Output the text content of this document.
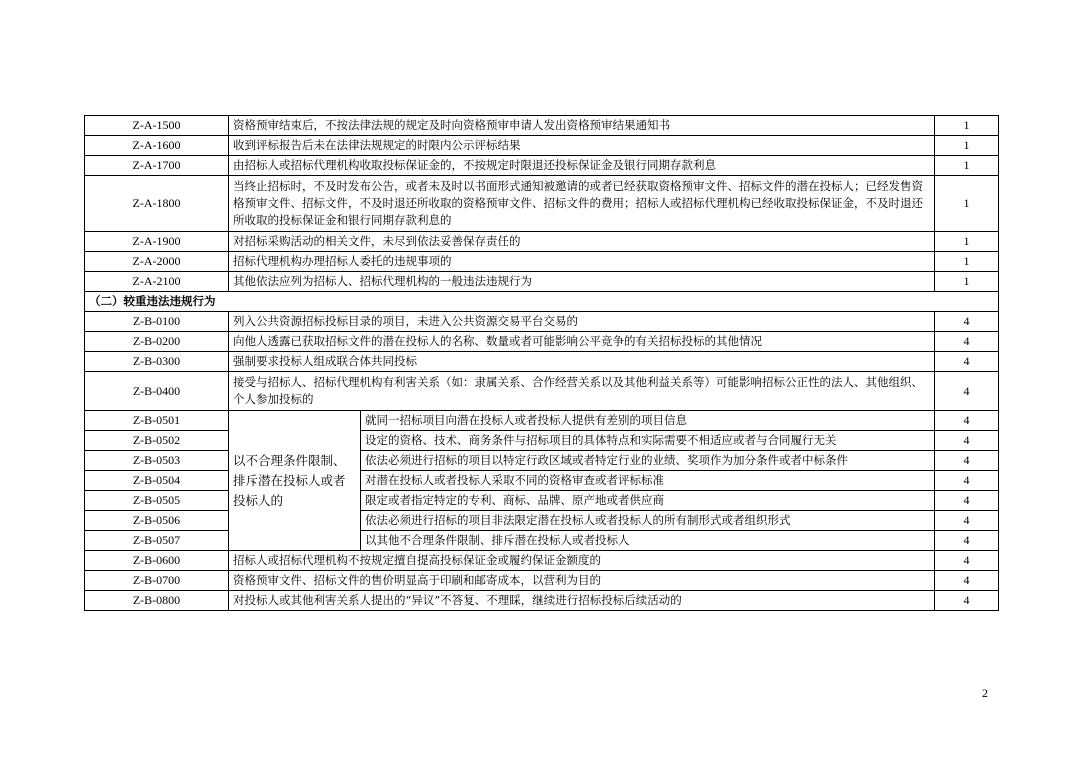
Z-A-1500	资格预审结束后，不按法律法规的规定及时向资格预审申请人发出资格预审结果通知书		1
Z-A-1600	收到评标报告后未在法律法规规定的时限内公示评标结果		1
Z-A-1700	由招标人或招标代理机构收取投标保证金的，不按规定时限退还投标保证金及银行同期存款利息		1
Z-A-1800	当终止招标时，不及时发布公告，或者未及时以书面形式通知被邀请的或者已经获取资格预审文件、招标文件的潜在投标人；已经发售资格预审文件、招标文件，不及时退还所收取的资格预审文件、招标文件的费用；招标人或招标代理机构已经收取投标保证金，不及时退还所收取的投标保证金和银行同期存款利息的		1
Z-A-1900	对招标采购活动的相关文件，未尽到依法妥善保存责任的		1
Z-A-2000	招标代理机构办理招标人委托的违规事项的		1
Z-A-2100	其他依法应列为招标人、招标代理机构的一般违法违规行为		1
（二）较重违法违规行为			
Z-B-0100	列入公共资源招标投标目录的项目，未进入公共资源交易平台交易的		4
Z-B-0200	向他人透露已获取招标文件的潜在投标人的名称、数量或者可能影响公平竞争的有关招标投标的其他情况		4
Z-B-0300	强制要求投标人组成联合体共同投标		4
Z-B-0400	接受与招标人、招标代理机构有利害关系（如：隶属关系、合作经营关系以及其他利益关系等）可能影响招标公正性的法人、其他组织、个人参加投标的		4
Z-B-0501	以不合理条件限制、排斥潜在投标人或者投标人的	就同一招标项目向潜在投标人或者投标人提供有差别的项目信息	4
Z-B-0502		设定的资格、技术、商务条件与招标项目的具体特点和实际需要不相适应或者与合同履行无关	4
Z-B-0503		依法必须进行招标的项目以特定行政区域或者特定行业的业绩、奖项作为加分条件或者中标条件	4
Z-B-0504		对潜在投标人或者投标人采取不同的资格审查或者评标标准	4
Z-B-0505		限定或者指定特定的专利、商标、品牌、原产地或者供应商	4
Z-B-0506		依法必须进行招标的项目非法限定潜在投标人或者投标人的所有制形式或者组织形式	4
Z-B-0507		以其他不合理条件限制、排斥潜在投标人或者投标人	4
Z-B-0600	招标人或招标代理机构不按规定擅自提高投标保证金或履约保证金额度的		4
Z-B-0700	资格预审文件、招标文件的售价明显高于印刷和邮寄成本，以营利为目的		4
Z-B-0800	对投标人或其他利害关系人提出的“异议”不答复、不理睬，继续进行招标投标后续活动的		4
2
